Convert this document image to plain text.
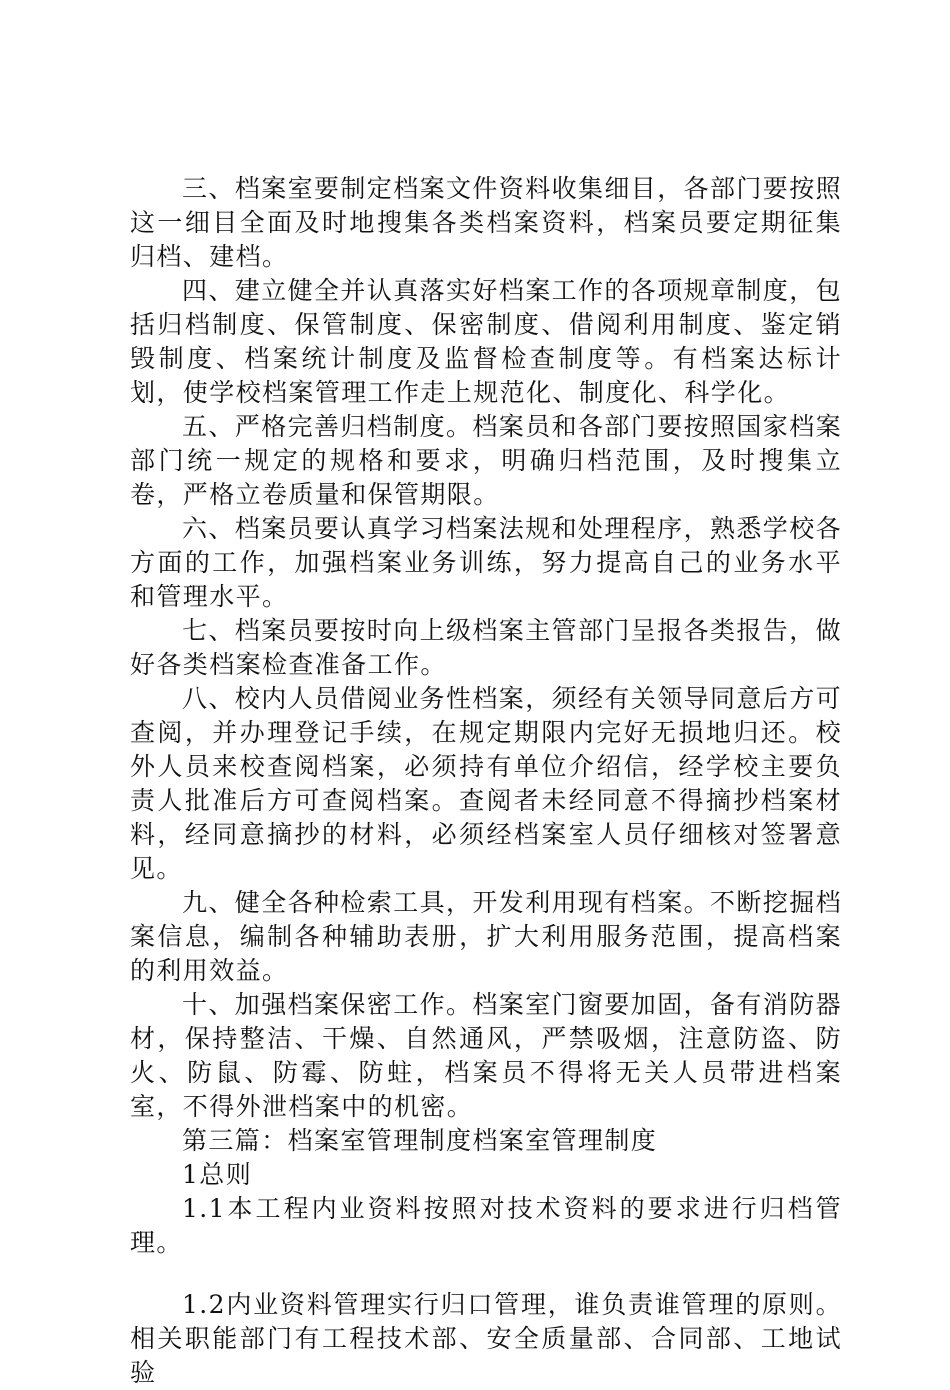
三、档案室要制定档案文件资料收集细目，各部门要按照这一细目全面及时地搜集各类档案资料，档案员要定期征集归档、建档。

四、建立健全并认真落实好档案工作的各项规章制度，包括归档制度、保管制度、保密制度、借阅利用制度、鉴定销毁制度、档案统计制度及监督检查制度等。有档案达标计划，使学校档案管理工作走上规范化、制度化、科学化。

五、严格完善归档制度。档案员和各部门要按照国家档案部门统一规定的规格和要求，明确归档范围，及时搜集立卷，严格立卷质量和保管期限。

六、档案员要认真学习档案法规和处理程序，熟悉学校各方面的工作，加强档案业务训练，努力提高自己的业务水平和管理水平。

七、档案员要按时向上级档案主管部门呈报各类报告，做好各类档案检查准备工作。

八、校内人员借阅业务性档案，须经有关领导同意后方可查阅，并办理登记手续，在规定期限内完好无损地归还。校外人员来校查阅档案，必须持有单位介绍信，经学校主要负责人批准后方可查阅档案。查阅者未经同意不得摘抄档案材料，经同意摘抄的材料，必须经档案室人员仔细核对签署意见。

九、健全各种检索工具，开发利用现有档案。不断挖掘档案信息，编制各种辅助表册，扩大利用服务范围，提高档案的利用效益。

十、加强档案保密工作。档案室门窗要加固，备有消防器材，保持整洁、干燥、自然通风，严禁吸烟，注意防盗、防火、防鼠、防霉、防蛀，档案员不得将无关人员带进档案室，不得外泄档案中的机密。

第三篇：档案室管理制度档案室管理制度

1总则

1.1本工程内业资料按照对技术资料的要求进行归档管理。

1.2内业资料管理实行归口管理，谁负责谁管理的原则。相关职能部门有工程技术部、安全质量部、合同部、工地试验
